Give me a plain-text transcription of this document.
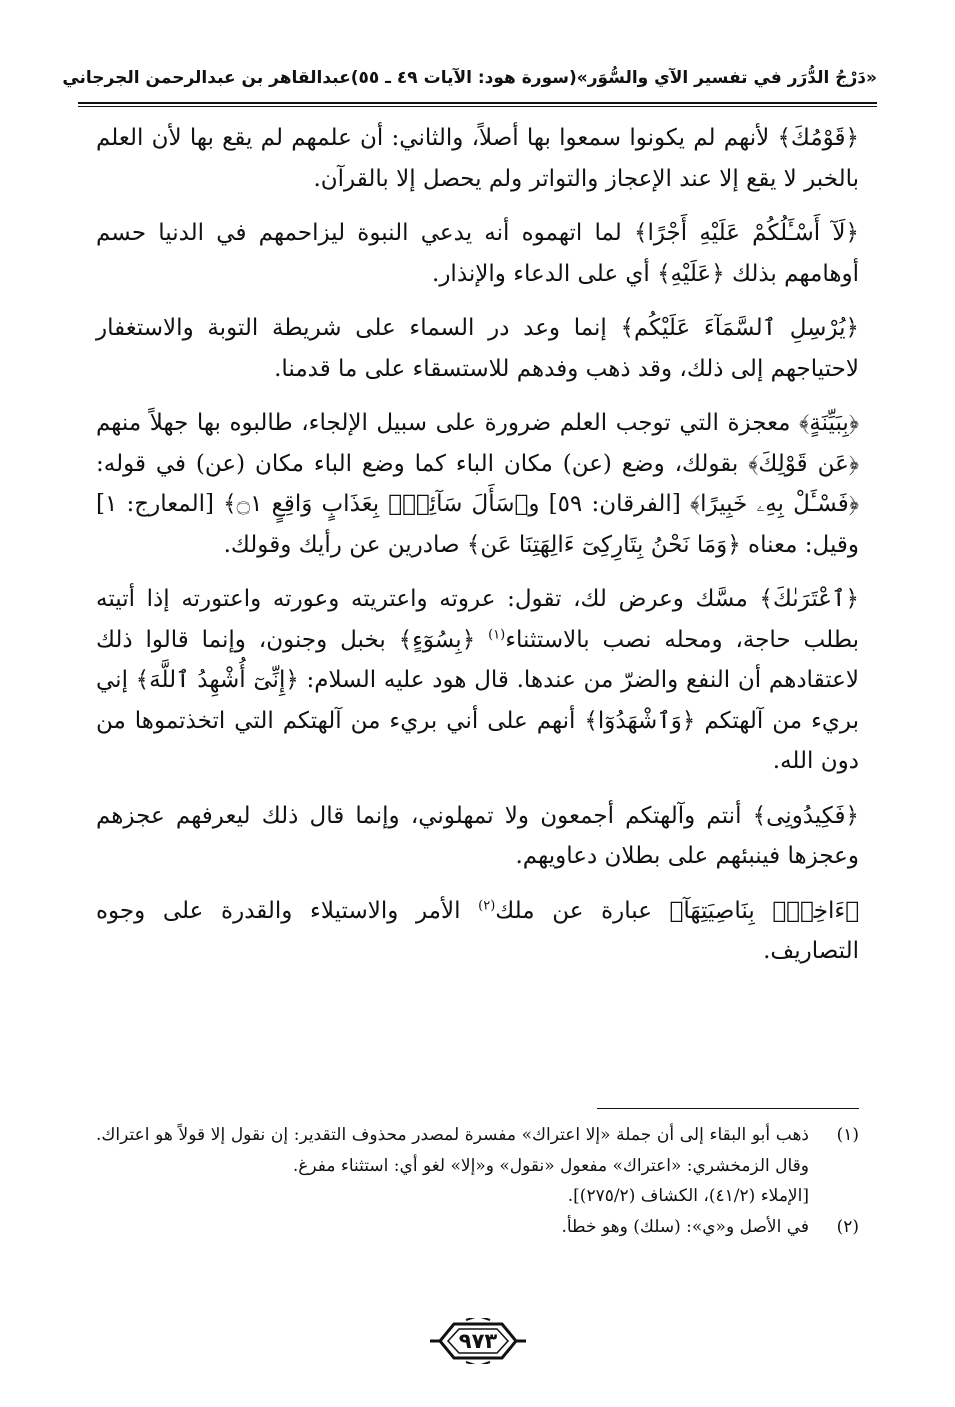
«دَرْجُ الدُّرَر في تفسير الآي والسُّوَر»
(سورة هود: الآيات ٤٩ ـ ٥٥)
عبدالقاهر بن عبدالرحمن الجرجاني

﴿قَوْمُكَ﴾ لأنهم لم يكونوا سمعوا بها أصلاً، والثاني: أن علمهم لم يقع بها لأن العلم بالخبر لا يقع إلا عند الإعجاز والتواتر ولم يحصل إلا بالقرآن.

﴿لَآ أَسْـَٔلُكُمْ عَلَيْهِ أَجْرًا﴾ لما اتهموه أنه يدعي النبوة ليزاحمهم في الدنيا حسم أوهامهم بذلك ﴿عَلَيْهِ﴾ أي على الدعاء والإنذار.

﴿يُرْسِلِ ٱلسَّمَآءَ عَلَيْكُم﴾ إنما وعد در السماء على شريطة التوبة والاستغفار لاحتياجهم إلى ذلك، وقد ذهب وفدهم للاستسقاء على ما قدمنا.

﴿بِبَيِّنَةٍ﴾ معجزة التي توجب العلم ضرورة على سبيل الإلجاء، طالبوه بها جهلاً منهم ﴿عَن قَوْلِكَ﴾ بقولك، وضع (عن) مكان الباء كما وضع الباء مكان (عن) في قوله: ﴿فَسْـَٔلْ بِهِۦ خَبِيرًا﴾ [الفرقان: ٥٩] و﴿سَأَلَ سَآئِلٌۢ بِعَذَابٍ وَاقِعٍ ۝١﴾ [المعارج: ١] وقيل: معناه ﴿وَمَا نَحْنُ بِتَارِكِىٓ ءَالِهَتِنَا عَن﴾ صادرين عن رأيك وقولك.

﴿ٱعْتَرَىٰكَ﴾ مسَّك وعرض لك، تقول: عروته واعتريته وعورته واعتورته إذا أتيته بطلب حاجة، ومحله نصب بالاستثناء$^{(١)}$ ﴿بِسُوٓءٍ﴾ بخبل وجنون، وإنما قالوا ذلك لاعتقادهم أن النفع والضرّ من عندها. قال هود عليه السلام: ﴿إِنِّىٓ أُشْهِدُ ٱللَّهَ﴾ إني بريء من آلهتكم ﴿وَٱشْهَدُوٓا﴾ أنهم على أني بريء من آلهتكم التي اتخذتموها من دون الله.

﴿فَكِيدُونِى﴾ أنتم وآلهتكم أجمعون ولا تمهلوني، وإنما قال ذلك ليعرفهم عجزهم وعجزها فينبئهم على بطلان دعاويهم.

﴿ءَاخِذٌۢ بِنَاصِيَتِهَآ﴾ عبارة عن ملك$^{(٢)}$ الأمر والاستيلاء والقدرة على وجوه التصاريف.

(١)
ذهب أبو البقاء إلى أن جملة «إلا اعتراك» مفسرة لمصدر محذوف التقدير: إن نقول إلا قولاً هو اعتراك. وقال الزمخشري: «اعتراك» مفعول «نقول» و«إلا» لغو أي: استثناء مفرغ.
[الإملاء (٤١/٢)، الكشاف (٢٧٥/٢)].
(٢)
في الأصل و«ي»: (سلك) وهو خطأ.
٩٧٣
